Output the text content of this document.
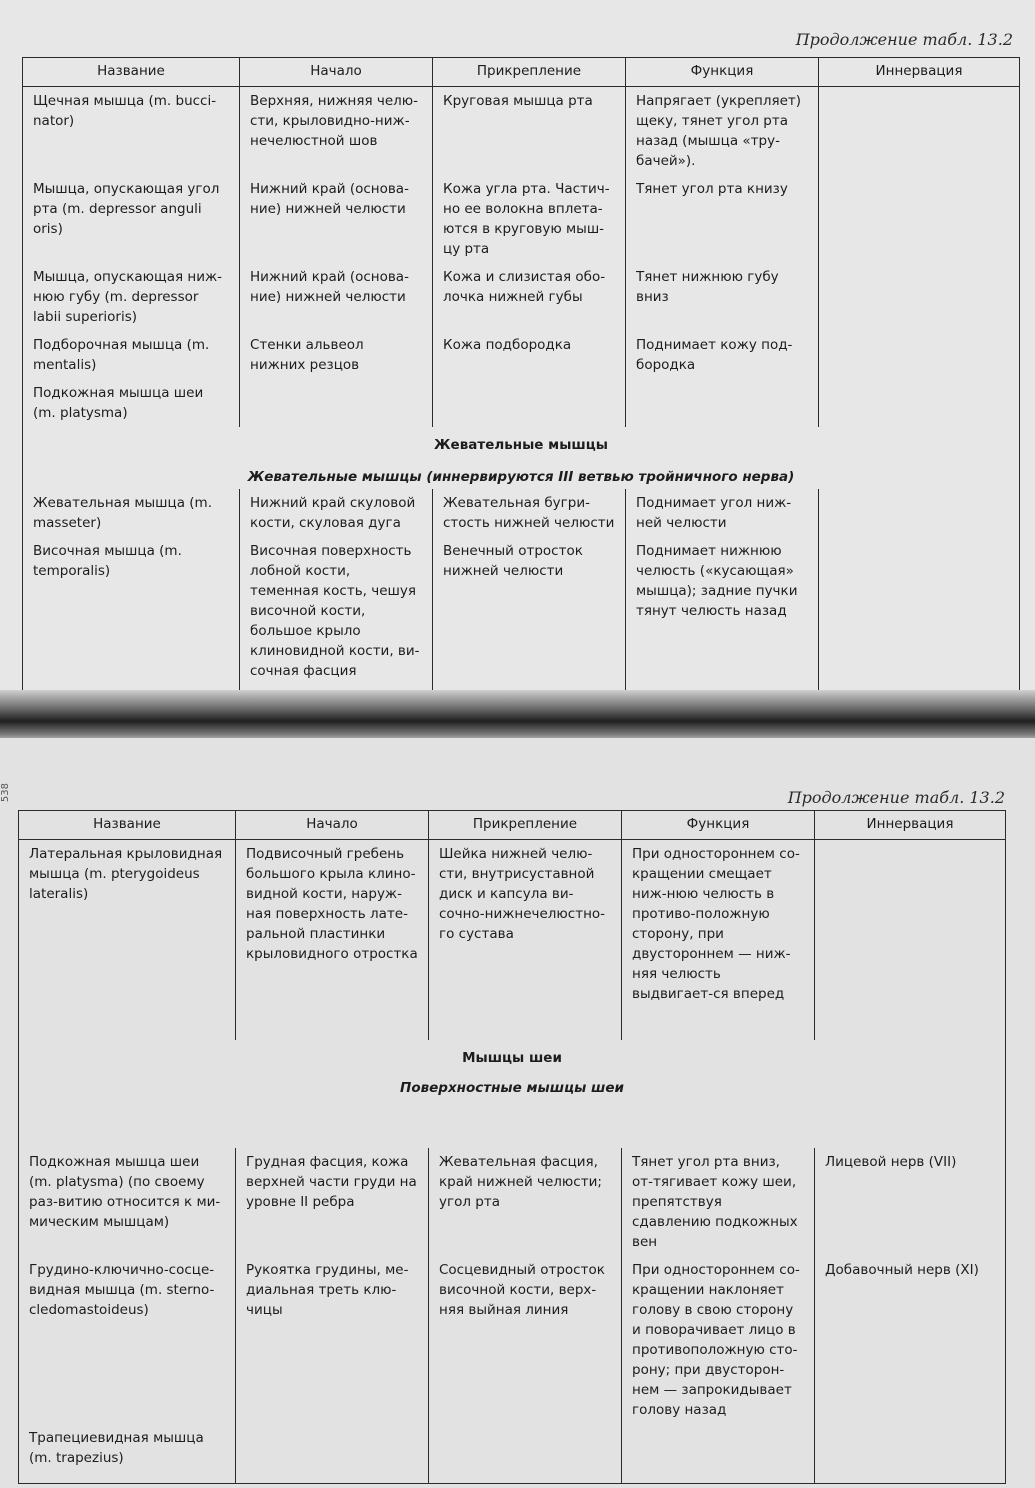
Продолжение табл. 13.2
Название	Начало	Прикрепление	Функция	Иннервация
Щечная мышца (m. bucci-nator)	Верхняя, нижняя челю-сти, крыловидно-ниж-нечелюстной шов	Круговая мышца рта	Напрягает (укрепляет) щеку, тянет угол рта назад (мышца «тру-бачей»).	
Мышца, опускающая угол рта (m. depressor anguli oris)	Нижний край (основа-ние) нижней челюсти	Кожа угла рта. Частич-но ее волокна вплета-ются в круговую мыш-цу рта	Тянет угол рта книзу	
Мышца, опускающая ниж-нюю губу (m. depressor labii superioris)	Нижний край (основа-ние) нижней челюсти	Кожа и слизистая обо-лочка нижней губы	Тянет нижнюю губу вниз	
Подборочная мышца (m. mentalis)	Стенки альвеол нижних резцов	Кожа подбородка	Поднимает кожу под-бородка	
Подкожная мышца шеи (m. platysma)				

Жевательные мышцы
Жевательные мышцы (иннервируются III ветвью тройничного нерва)				

Жевательная мышца (m. masseter)	Нижний край скуловой кости, скуловая дуга	Жевательная бугри-стость нижней челюсти	Поднимает угол ниж-ней челюсти	
Височная мышца (m. temporalis)	Височная поверхность лобной кости, теменная кость, чешуя височной кости, большое крыло клиновидной кости, ви-сочная фасция	Венечный отросток нижней челюсти	Поднимает нижнюю челюсть («кусающая» мышца); задние пучки тянут челюсть назад	

538	Продолжение табл. 13.2
Название	Начало	Прикрепление	Функция	Иннервация
Латеральная крыловидная мышца (m. pterygoideus lateralis)	Подвисочный гребень большого крыла клино-видной кости, наруж-ная поверхность лате-ральной пластинки крыловидного отростка	Шейка нижней челю-сти, внутрисуставной диск и капсула ви-сочно-нижнечелюстно-го сустава	При одностороннем со-кращении смещает ниж-нюю челюсть в противо-положную сторону, при двустороннем — ниж-няя челюсть выдвигает-ся вперед	

Мышцы шеи
Поверхностные мышцы шеи				

Подкожная мышца шеи (m. platysma) (по своему раз-витию относится к ми-мическим мышцам)	Грудная фасция, кожа верхней части груди на уровне II ребра	Жевательная фасция, край нижней челюсти; угол рта	Тянет угол рта вниз, от-тягивает кожу шеи, препятствуя сдавлению подкожных вен	Лицевой нерв (VII)
Грудино-ключично-сосце-видная мышца (m. sterno-cledomastoideus)	Рукоятка грудины, ме-диальная треть клю-чицы	Сосцевидный отросток височной кости, верх-няя выйная линия	При одностороннем со-кращении наклоняет голову в свою сторону и поворачивает лицо в противоположную сто-рону; при двусторон-нем — запрокидывает голову назад	Добавочный нерв (XI)
Трапециевидная мышца (m. trapezius)				
